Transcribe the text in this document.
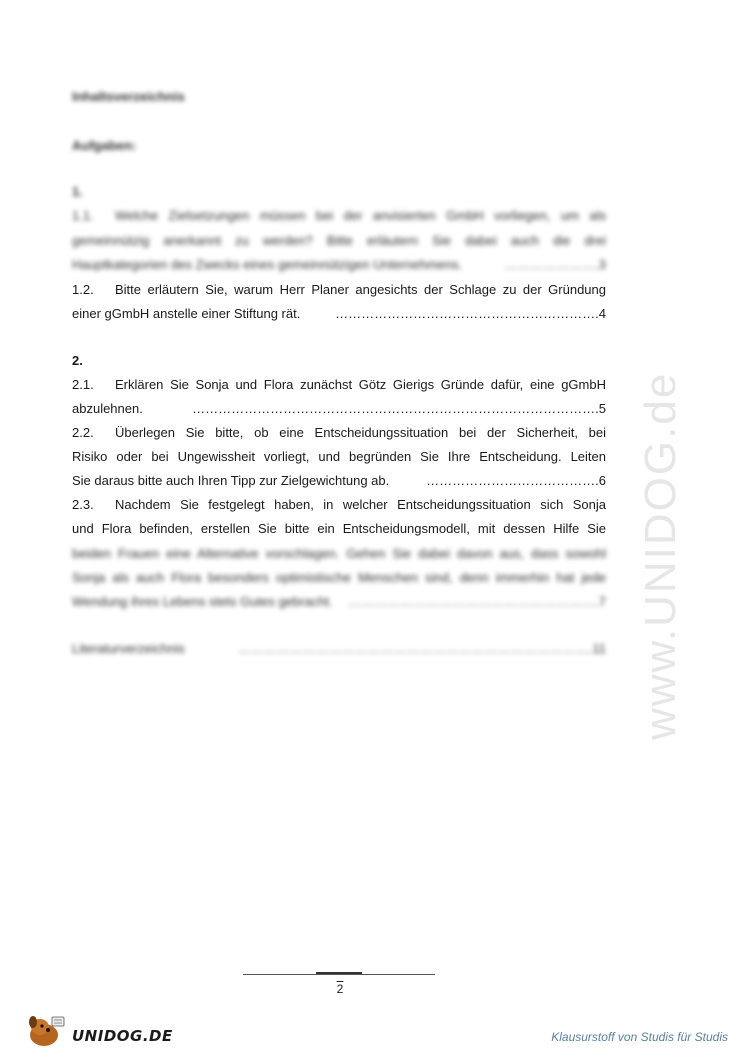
www.UNIDOG.de
Inhaltsverzeichnis
Aufgaben:
1.
1.1. Welche Zielsetzungen müssen bei der anvisierten GmbH vorliegen, um als
gemeinnützig anerkannt zu werden? Bitte erläutern Sie dabei auch die drei
Hauptkategorien des Zwecks eines gemeinnützigen Unternehmens.	…………………. 3
1.2. Bitte erläutern Sie, warum Herr Planer angesichts der Schlage zu der Gründung
einer gGmbH anstelle einer Stiftung rät.	……………………………………………………. 4
2.
2.1. Erklären Sie Sonja und Flora zunächst Götz Gierigs Gründe dafür, eine gGmbH
abzulehnen.	…………………………………………………………………………………. 5
2.2. Überlegen Sie bitte, ob eine Entscheidungssituation bei der Sicherheit, bei
Risiko oder bei Ungewissheit vorliegt, und begründen Sie Ihre Entscheidung. Leiten
Sie daraus bitte auch Ihren Tipp zur Zielgewichtung ab.	…………………………………. 6
2.3. Nachdem Sie festgelegt haben, in welcher Entscheidungssituation sich Sonja
und Flora befinden, erstellen Sie bitte ein Entscheidungsmodell, mit dessen Hilfe Sie
beiden Frauen eine Alternative vorschlagen. Gehen Sie dabei davon aus, dass sowohl
Sonja als auch Flora besonders optimistische Menschen sind, denn immerhin hat jede
Wendung ihres Lebens stets Gutes gebracht.	…………………………………………………. 7
Literaturverzeichnis	………………………………………………………………………. 11
2
UNIDOG.DE	Klausurstoff von Studis für Studis
